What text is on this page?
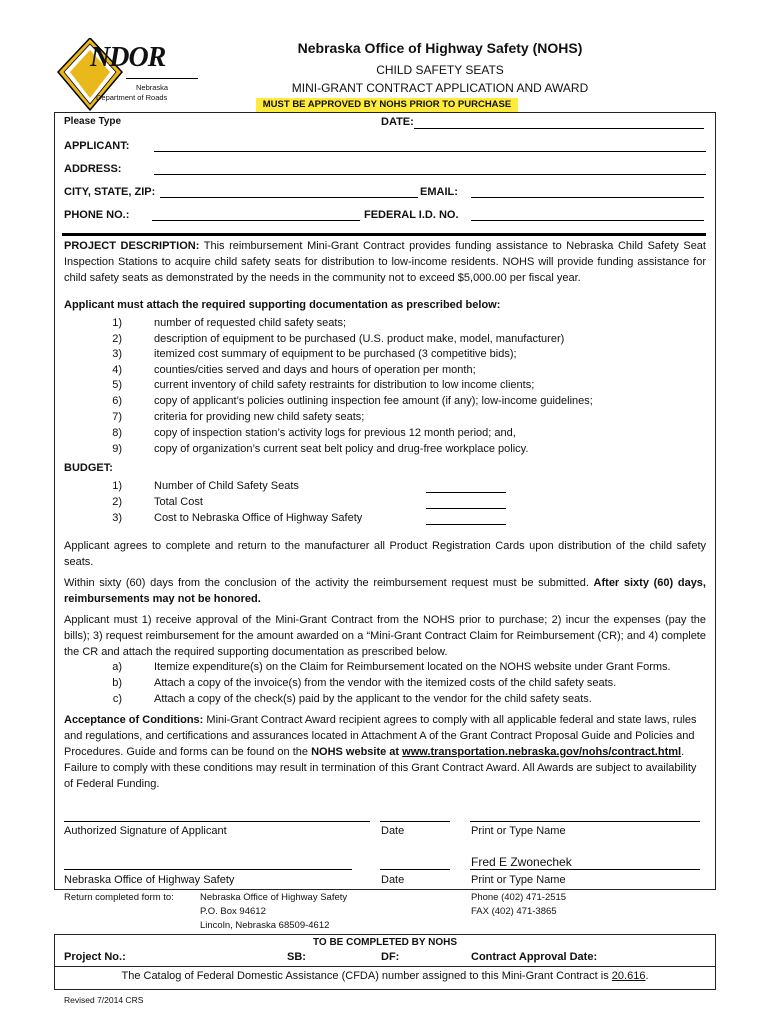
NDOR
Nebraska
Department of Roads
Nebraska Office of Highway Safety (NOHS)
CHILD SAFETY SEATS
MINI-GRANT CONTRACT APPLICATION AND AWARD
MUST BE APPROVED BY NOHS PRIOR TO PURCHASE
Please Type	DATE:
APPLICANT:
ADDRESS:
CITY, STATE, ZIP:	EMAIL:
PHONE NO.:	FEDERAL I.D. NO.
PROJECT DESCRIPTION: This reimbursement Mini-Grant Contract provides funding assistance to Nebraska Child Safety Seat Inspection Stations to acquire child safety seats for distribution to low-income residents. NOHS will provide funding assistance for child safety seats as demonstrated by the needs in the community not to exceed $5,000.00 per fiscal year.
Applicant must attach the required supporting documentation as prescribed below:
1)	number of requested child safety seats;
2)	description of equipment to be purchased (U.S. product make, model, manufacturer)
3)	itemized cost summary of equipment to be purchased (3 competitive bids);
4)	counties/cities served and days and hours of operation per month;
5)	current inventory of child safety restraints for distribution to low income clients;
6)	copy of applicant’s policies outlining inspection fee amount (if any); low-income guidelines;
7)	criteria for providing new child safety seats;
8)	copy of inspection station’s activity logs for previous 12 month period; and,
9)	copy of organization’s current seat belt policy and drug-free workplace policy.
BUDGET:
1)	Number of Child Safety Seats
2)	Total Cost
3)	Cost to Nebraska Office of Highway Safety
Applicant agrees to complete and return to the manufacturer all Product Registration Cards upon distribution of the child safety seats.
Within sixty (60) days from the conclusion of the activity the reimbursement request must be submitted. After sixty (60) days, reimbursements may not be honored.
Applicant must 1) receive approval of the Mini-Grant Contract from the NOHS prior to purchase; 2) incur the expenses (pay the bills); 3) request reimbursement for the amount awarded on a “Mini-Grant Contract Claim for Reimbursement (CR); and 4) complete the CR and attach the required supporting documentation as prescribed below.
a)	Itemize expenditure(s) on the Claim for Reimbursement located on the NOHS website under Grant Forms.
b)	Attach a copy of the invoice(s) from the vendor with the itemized costs of the child safety seats.
c)	Attach a copy of the check(s) paid by the applicant to the vendor for the child safety seats.
Acceptance of Conditions: Mini-Grant Contract Award recipient agrees to comply with all applicable federal and state laws, rules and regulations, and certifications and assurances located in Attachment A of the Grant Contract Proposal Guide and Policies and Procedures. Guide and forms can be found on the NOHS website at www.transportation.nebraska.gov/nohs/contract.html. Failure to comply with these conditions may result in termination of this Grant Contract Award. All Awards are subject to availability of Federal Funding.
Authorized Signature of Applicant	Date	Print or Type Name
Fred E Zwonechek
Nebraska Office of Highway Safety	Date	Print or Type Name
Return completed form to:	Nebraska Office of Highway Safety
P.O. Box 94612
Lincoln, Nebraska 68509-4612
Phone (402) 471-2515
FAX (402) 471-3865
TO BE COMPLETED BY NOHS
Project No.:	SB:	DF:	Contract Approval Date:
The Catalog of Federal Domestic Assistance (CFDA) number assigned to this Mini-Grant Contract is 20.616.
Revised 7/2014 CRS
